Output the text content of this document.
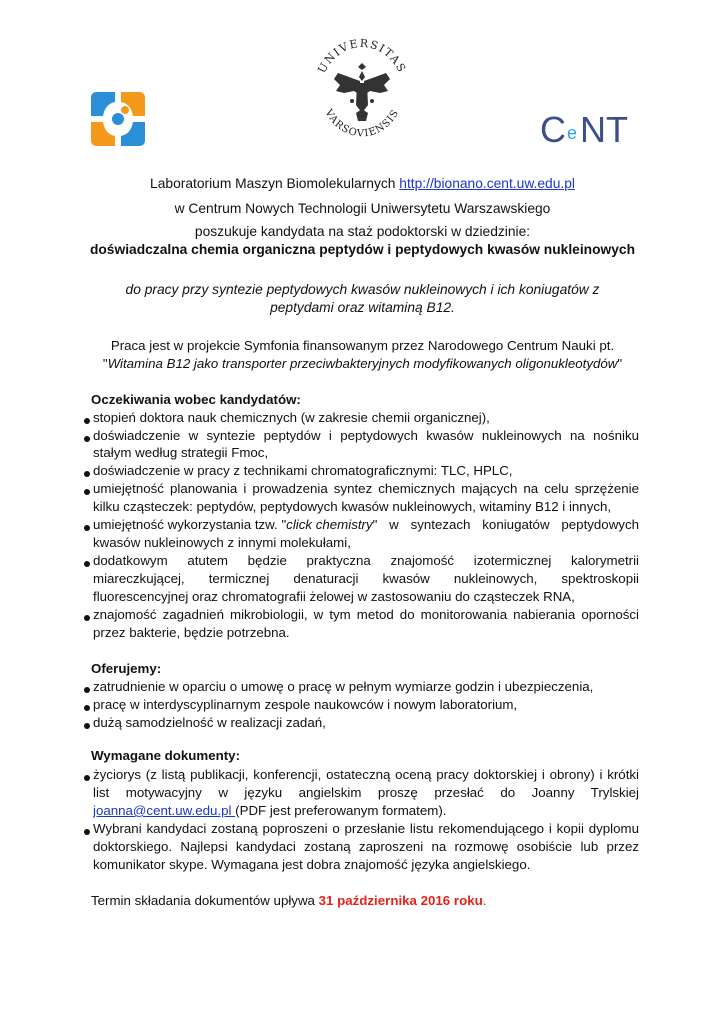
UNIVERSITAS
VARSOVIENSIS	C e NT
Laboratorium Maszyn Biomolekularnych http://bionano.cent.uw.edu.pl
w Centrum Nowych Technologii Uniwersytetu Warszawskiego
poszukuje kandydata na staż podoktorski w dziedzinie:
doświadczalna chemia organiczna peptydów i peptydowych kwasów nukleinowych
do pracy przy syntezie peptydowych kwasów nukleinowych i ich koniugatów z
peptydami oraz witaminą B12.
Praca jest w projekcie Symfonia finansowanym przez Narodowego Centrum Nauki pt.
"Witamina B12 jako transporter przeciwbakteryjnych modyfikowanych oligonukleotydów"
Oczekiwania wobec kandydatów:
stopień doktora nauk chemicznych (w zakresie chemii organicznej),
doświadczenie w syntezie peptydów i peptydowych kwasów nukleinowych na nośniku
stałym według strategii Fmoc,
doświadczenie w pracy z technikami chromatograficznymi: TLC, HPLC,
umiejętność planowania i prowadzenia syntez chemicznych mających na celu sprzężenie
kilku cząsteczek: peptydów, peptydowych kwasów nukleinowych, witaminy B12 i innych,
umiejętność wykorzystania tzw. " click chemistry " w syntezach koniugatów peptydowych
kwasów nukleinowych z innymi molekułami,
dodatkowym atutem będzie praktyczna znajomość izotermicznej kalorymetrii
miareczkującej, termicznej denaturacji kwasów nukleinowych, spektroskopii
fluorescencyjnej oraz chromatografii żelowej w zastosowaniu do cząsteczek RNA,
znajomość zagadnień mikrobiologii, w tym metod do monitorowania nabierania oporności
przez bakterie, będzie potrzebna.
Oferujemy:
zatrudnienie w oparciu o umowę o pracę w pełnym wymiarze godzin i ubezpieczenia,
pracę w interdyscyplinarnym zespole naukowców i nowym laboratorium,
dużą samodzielność w realizacji zadań,
Wymagane dokumenty:
życiorys (z listą publikacji, konferencji, ostateczną oceną pracy doktorskiej i obrony) i krótki
list motywacyjny w języku angielskim proszę przesłać do Joanny Trylskiej
joanna@cent.uw.edu.pl (PDF jest preferowanym formatem).
Wybrani kandydaci zostaną poproszeni o przesłanie listu rekomendującego i kopii dyplomu
doktorskiego. Najlepsi kandydaci zostaną zaproszeni na rozmowę osobiście lub przez
komunikator skype. Wymagana jest dobra znajomość języka angielskiego.
Termin składania dokumentów upływa 31 października 2016 roku.
